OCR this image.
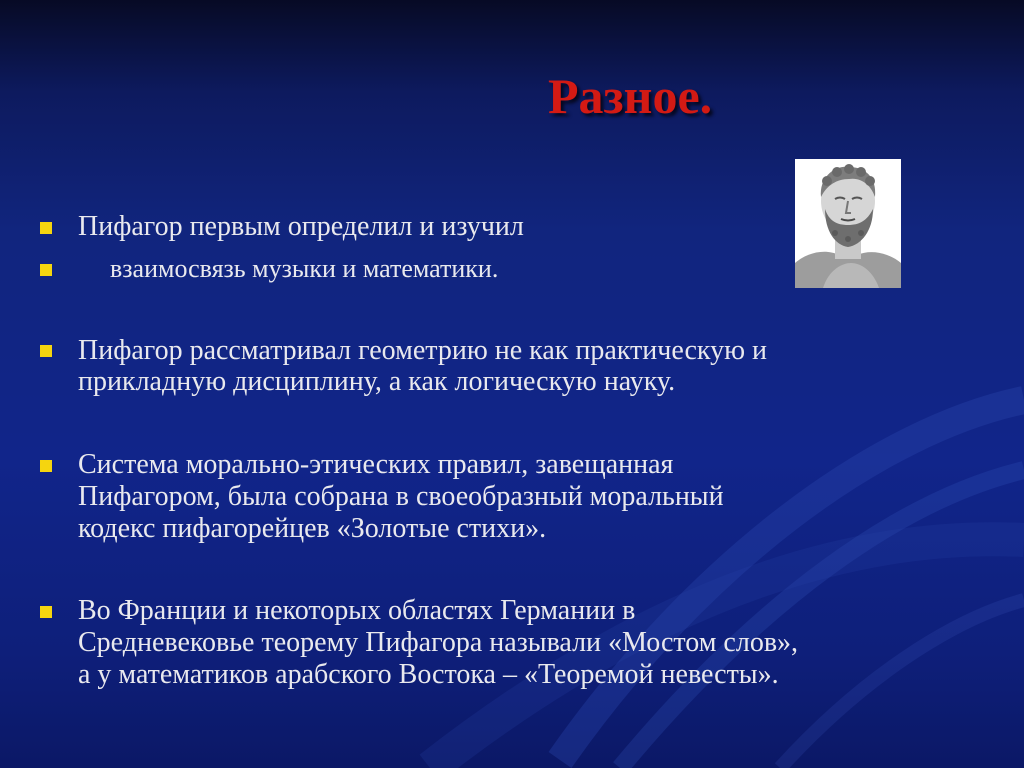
Разное.

Пифагор первым определил и изучил

взаимосвязь музыки и математики.

Пифагор рассматривал геометрию не как практическую и

прикладную дисциплину, а как логическую науку.

Система морально-этических правил, завещанная

Пифагором, была собрана в своеобразный моральный

кодекс пифагорейцев «Золотые стихи».

Во Франции и некоторых областях Германии в

Средневековье теорему Пифагора называли «Мостом слов»,

а у математиков арабского Востока – «Теоремой невесты».
